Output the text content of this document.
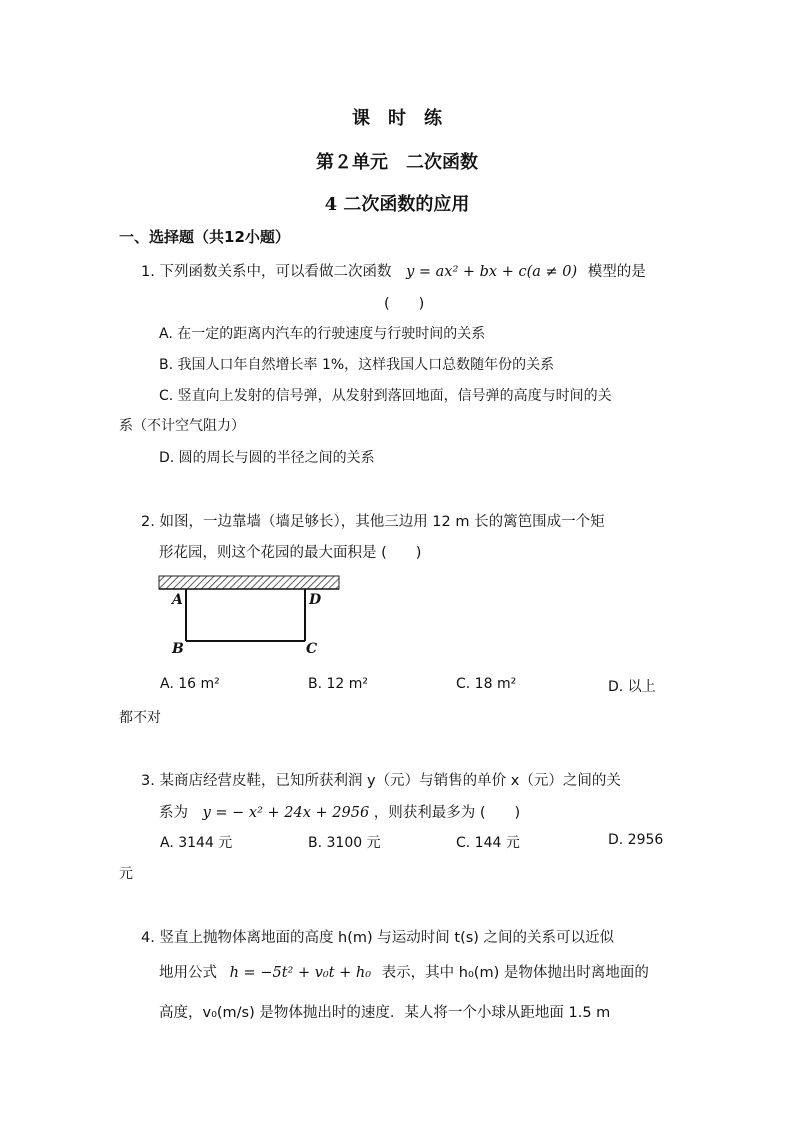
课　时　练
第２单元　二次函数
4 二次函数的应用
一、选择题（共12小题）
1. 下列函数关系中，可以看做二次函数 y = ax² + bx + c(a ≠ 0) 模型的是
(　　)
A. 在一定的距离内汽车的行驶速度与行驶时间的关系
B. 我国人口年自然增长率 1%，这样我国人口总数随年份的关系
C. 竖直向上发射的信号弹，从发射到落回地面，信号弹的高度与时间的关
系（不计空气阻力）
D. 圆的周长与圆的半径之间的关系
2. 如图，一边靠墙（墙足够长），其他三边用 12 m 长的篱笆围成一个矩
形花园，则这个花园的最大面积是 (　　)
A	D
B	C
A. 16 m²	B. 12 m²	C. 18 m²	D. 以上
都不对
3. 某商店经营皮鞋，已知所获利润 y（元）与销售的单价 x（元）之间的关
系为 y = − x² + 24x + 2956 ，则获利最多为 (　　)
A. 3144 元	B. 3100 元	C. 144 元	D. 2956
元
4. 竖直上抛物体离地面的高度 h(m) 与运动时间 t(s) 之间的关系可以近似
地用公式 h = −5t² + v₀t + h₀ 表示，其中 h₀(m) 是物体抛出时离地面的
高度，v₀(m/s) 是物体抛出时的速度．某人将一个小球从距地面 1.5 m
